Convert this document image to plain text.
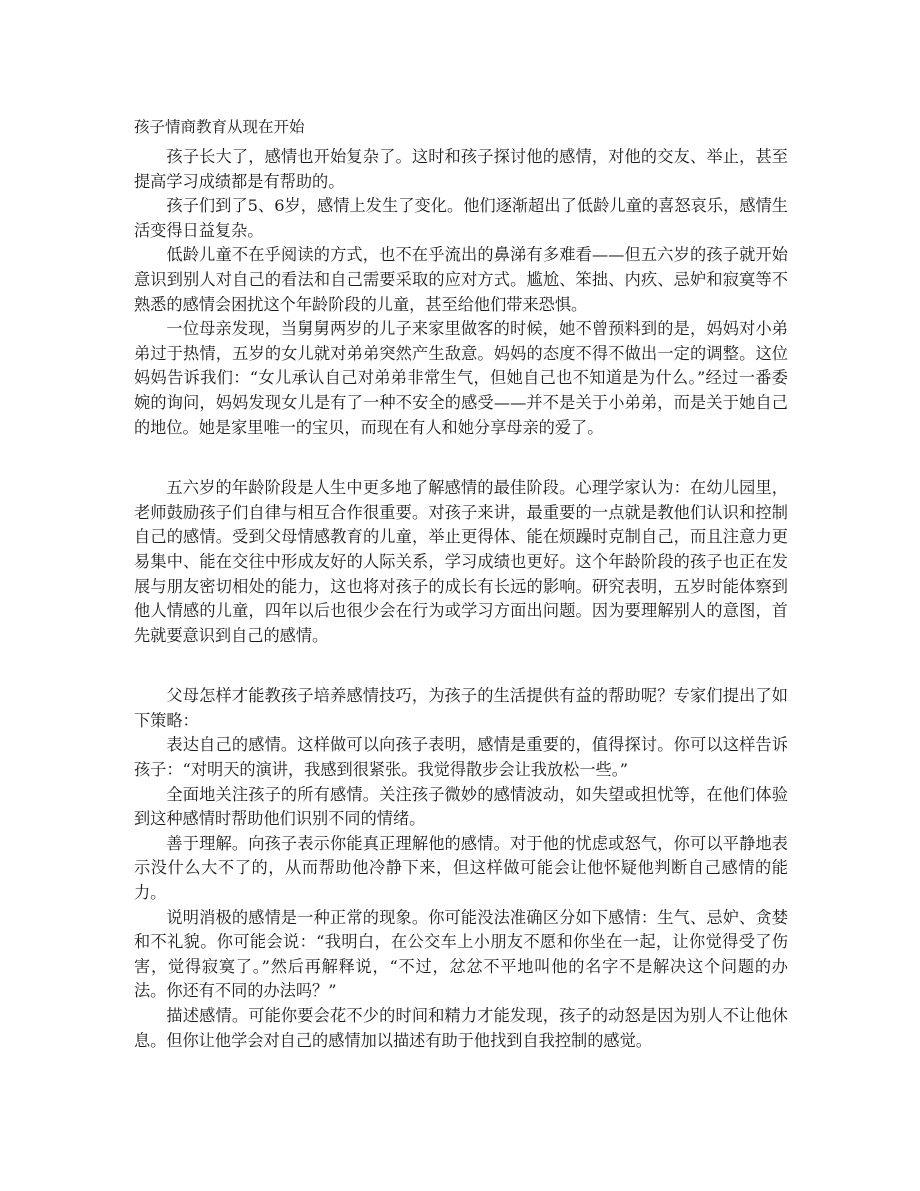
孩子情商教育从现在开始

孩子长大了，感情也开始复杂了。这时和孩子探讨他的感情，对他的交友、举止，甚至提高学习成绩都是有帮助的。

孩子们到了5、6岁，感情上发生了变化。他们逐渐超出了低龄儿童的喜怒哀乐，感情生活变得日益复杂。

低龄儿童不在乎阅读的方式，也不在乎流出的鼻涕有多难看——但五六岁的孩子就开始意识到别人对自己的看法和自己需要采取的应对方式。尴尬、笨拙、内疚、忌妒和寂寞等不熟悉的感情会困扰这个年龄阶段的儿童，甚至给他们带来恐惧。

一位母亲发现，当舅舅两岁的儿子来家里做客的时候，她不曾预料到的是，妈妈对小弟弟过于热情，五岁的女儿就对弟弟突然产生敌意。妈妈的态度不得不做出一定的调整。这位妈妈告诉我们：“女儿承认自己对弟弟非常生气，但她自己也不知道是为什么。”经过一番委婉的询问，妈妈发现女儿是有了一种不安全的感受——并不是关于小弟弟，而是关于她自己的地位。她是家里唯一的宝贝，而现在有人和她分享母亲的爱了。

五六岁的年龄阶段是人生中更多地了解感情的最佳阶段。心理学家认为：在幼儿园里，老师鼓励孩子们自律与相互合作很重要。对孩子来讲，最重要的一点就是教他们认识和控制自己的感情。受到父母情感教育的儿童，举止更得体、能在烦躁时克制自己，而且注意力更易集中、能在交往中形成友好的人际关系，学习成绩也更好。这个年龄阶段的孩子也正在发展与朋友密切相处的能力，这也将对孩子的成长有长远的影响。研究表明，五岁时能体察到他人情感的儿童，四年以后也很少会在行为或学习方面出问题。因为要理解别人的意图，首先就要意识到自己的感情。

父母怎样才能教孩子培养感情技巧，为孩子的生活提供有益的帮助呢？专家们提出了如下策略：

表达自己的感情。这样做可以向孩子表明，感情是重要的，值得探讨。你可以这样告诉孩子：“对明天的演讲，我感到很紧张。我觉得散步会让我放松一些。”

全面地关注孩子的所有感情。关注孩子微妙的感情波动，如失望或担忧等，在他们体验到这种感情时帮助他们识别不同的情绪。

善于理解。向孩子表示你能真正理解他的感情。对于他的忧虑或怒气，你可以平静地表示没什么大不了的，从而帮助他冷静下来，但这样做可能会让他怀疑他判断自己感情的能力。

说明消极的感情是一种正常的现象。你可能没法准确区分如下感情：生气、忌妒、贪婪和不礼貌。你可能会说：“我明白，在公交车上小朋友不愿和你坐在一起，让你觉得受了伤害，觉得寂寞了。”然后再解释说，“不过，忿忿不平地叫他的名字不是解决这个问题的办法。你还有不同的办法吗？”

描述感情。可能你要会花不少的时间和精力才能发现，孩子的动怒是因为别人不让他休息。但你让他学会对自己的感情加以描述有助于他找到自我控制的感觉。
